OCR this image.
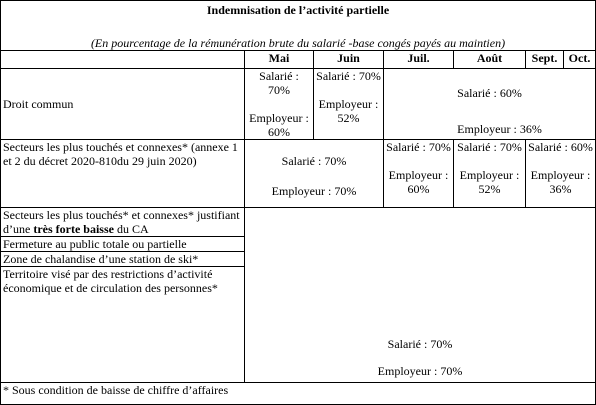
Indemnisation de l’activité partielle
(En pourcentage de la rémunération brute du salarié -base congés payés au maintien)						

	Mai	Juin	Juil.	Août	Sept.	Oct.
Droit commun	Salarié : 70%
Employeur :
60%	Salarié : 70%
Employeur :
52%	Salarié : 60%
Employeur : 36%			

Secteurs les plus touchés et connexes* (annexe 1 et 2 du décret 2020-810du 29 juin 2020)	Salarié : 70%
Employeur : 70%		Salarié : 70%
Employeur :
60%	Salarié : 70%
Employeur :
52%	Salarié : 60%
Employeur :
36%	

Secteurs les plus touchés* et connexes* justifiant d’une très forte baisse du CA	Salarié : 70%
Employeur : 70%					

Fermeture au public totale ou partielle						
Zone de chalandise d’une station de ski*						
Territoire visé par des restrictions d’activité économique et de circulation des personnes*						
* Sous condition de baisse de chiffre d’affaires						
